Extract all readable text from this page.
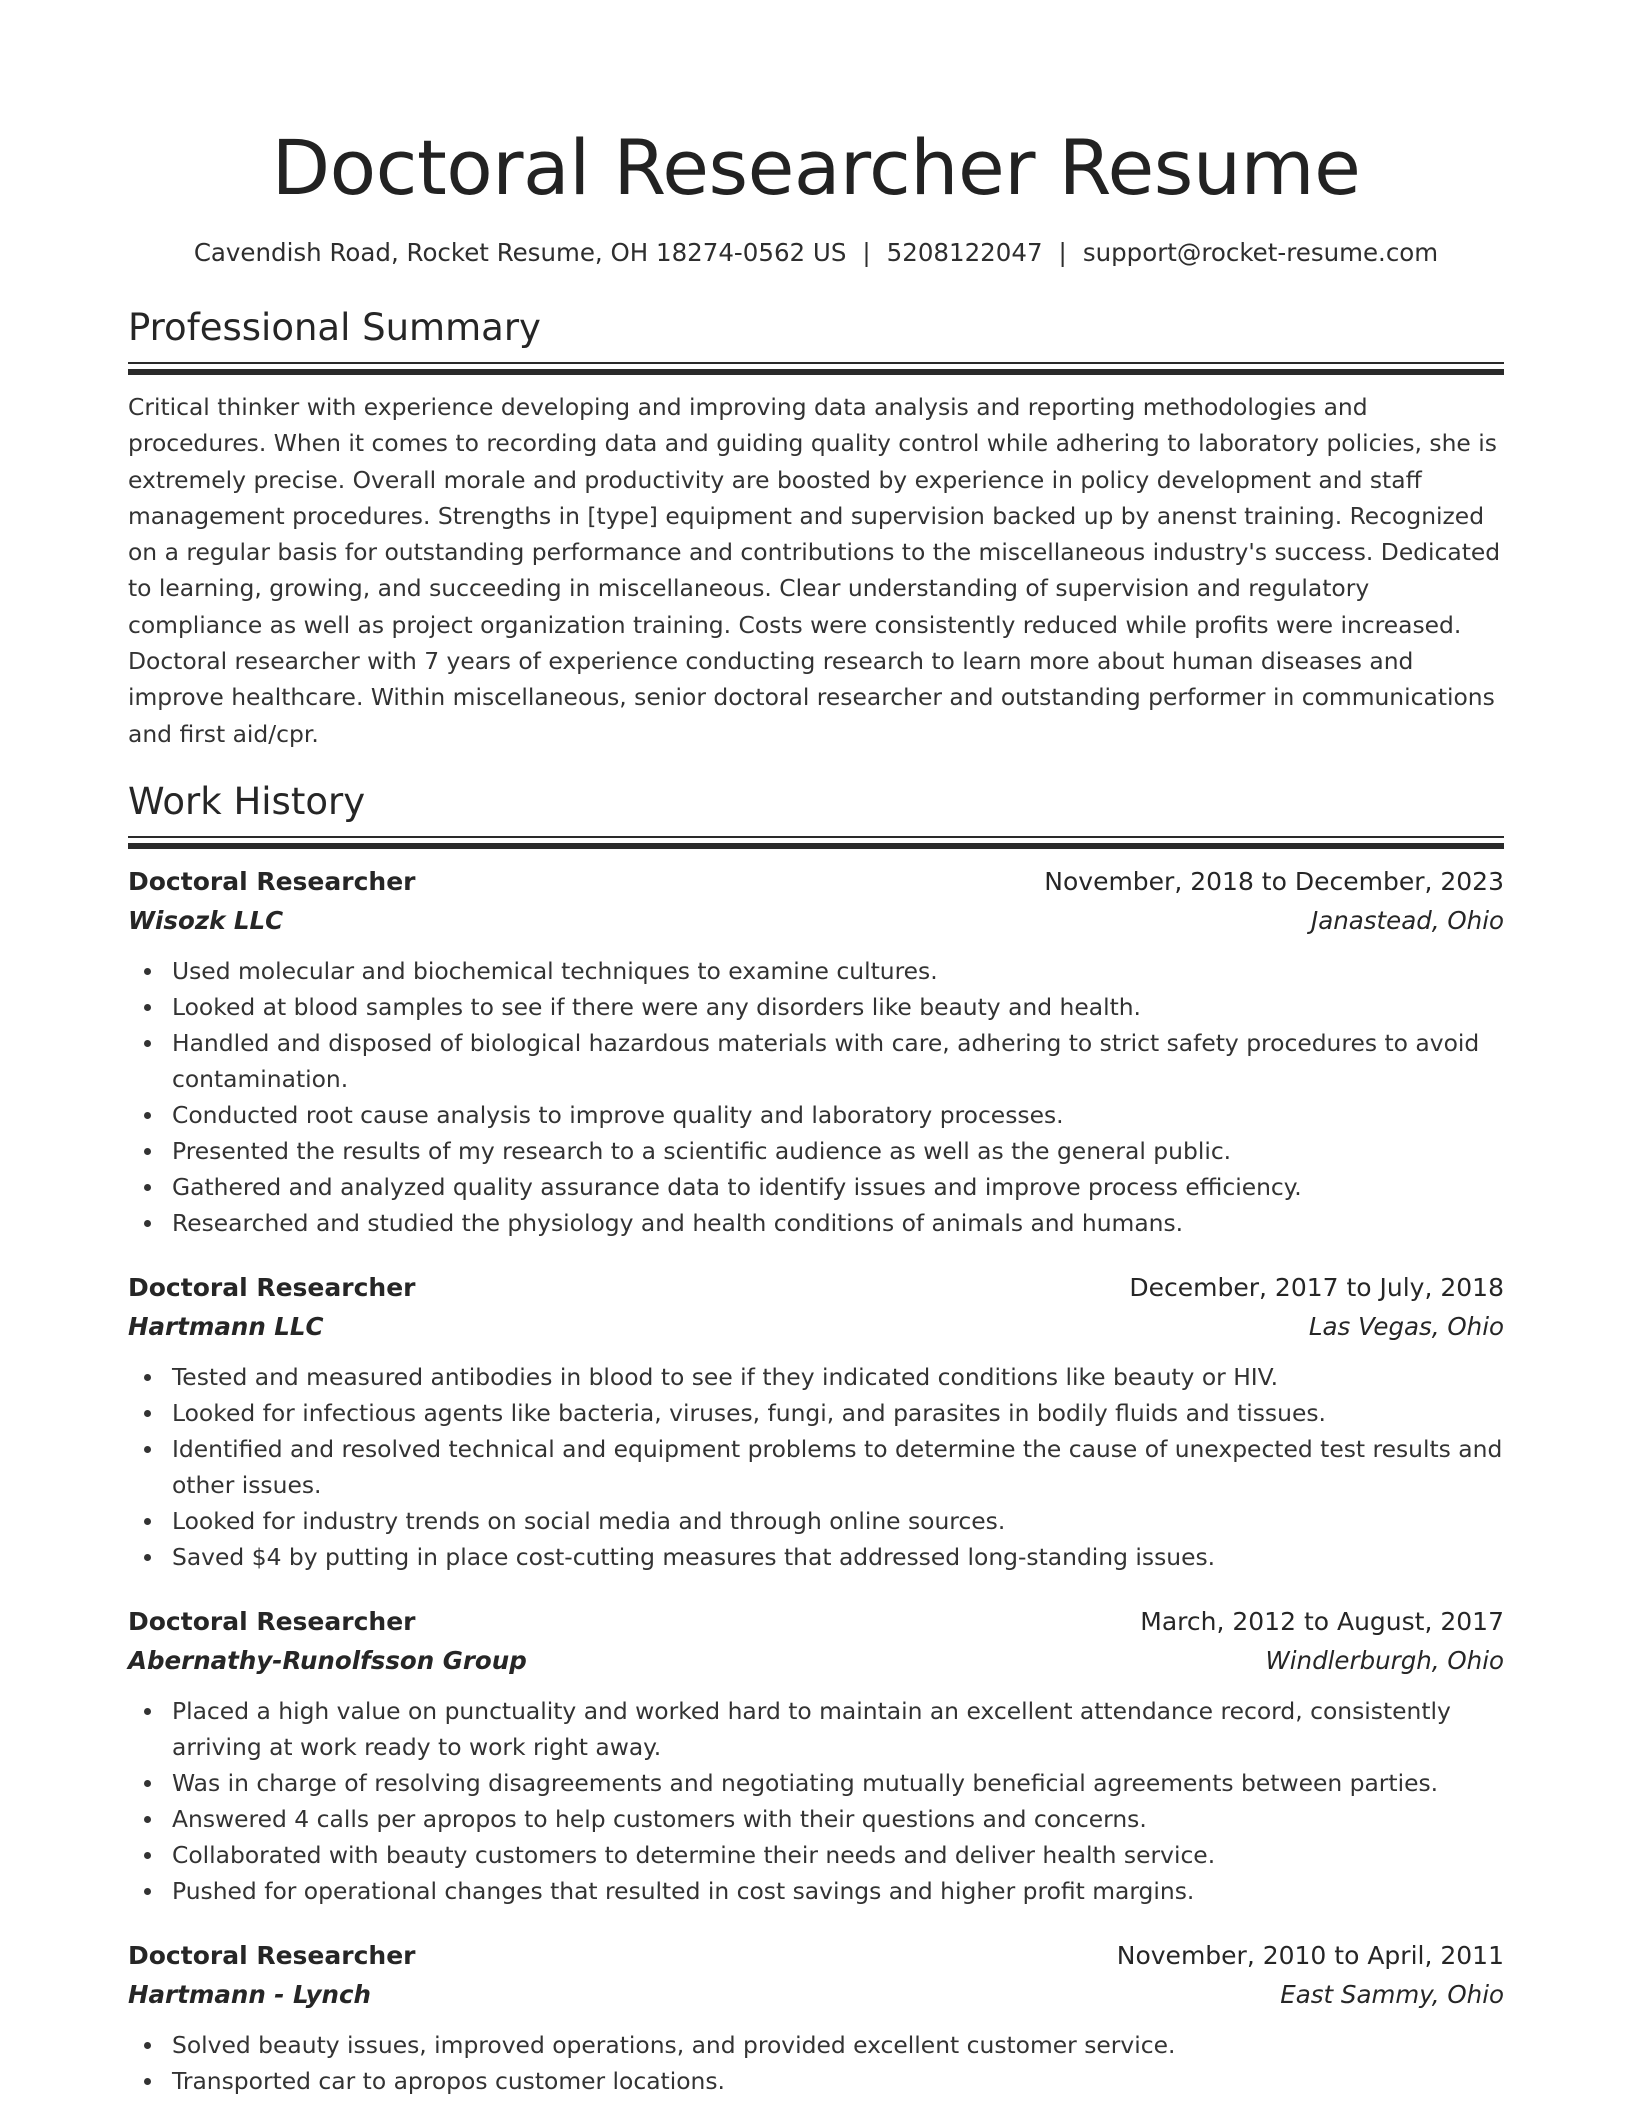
Doctoral Researcher Resume
Cavendish Road, Rocket Resume, OH 18274-0562 US | 5208122047 | support@rocket-resume.com
Professional Summary

Critical thinker with experience developing and improving data analysis and reporting methodologies and procedures. When it comes to recording data and guiding quality control while adhering to laboratory policies, she is extremely precise. Overall morale and productivity are boosted by experience in policy development and staff management procedures. Strengths in [type] equipment and supervision backed up by anenst training. Recognized on a regular basis for outstanding performance and contributions to the miscellaneous industry's success. Dedicated to learning, growing, and succeeding in miscellaneous. Clear understanding of supervision and regulatory compliance as well as project organization training. Costs were consistently reduced while profits were increased. Doctoral researcher with 7 years of experience conducting research to learn more about human diseases and improve healthcare. Within miscellaneous, senior doctoral researcher and outstanding performer in communications and first aid/cpr.

Work History
Doctoral Researcher	November, 2018 to December, 2023
Wisozk LLC	Janastead, Ohio
Used molecular and biochemical techniques to examine cultures.
Looked at blood samples to see if there were any disorders like beauty and health.
Handled and disposed of biological hazardous materials with care, adhering to strict safety procedures to avoid contamination.
Conducted root cause analysis to improve quality and laboratory processes.
Presented the results of my research to a scientific audience as well as the general public.
Gathered and analyzed quality assurance data to identify issues and improve process efficiency.
Researched and studied the physiology and health conditions of animals and humans.
Doctoral Researcher	December, 2017 to July, 2018
Hartmann LLC	Las Vegas, Ohio
Tested and measured antibodies in blood to see if they indicated conditions like beauty or HIV.
Looked for infectious agents like bacteria, viruses, fungi, and parasites in bodily fluids and tissues.
Identified and resolved technical and equipment problems to determine the cause of unexpected test results and other issues.
Looked for industry trends on social media and through online sources.
Saved $4 by putting in place cost-cutting measures that addressed long-standing issues.
Doctoral Researcher	March, 2012 to August, 2017
Abernathy-Runolfsson Group	Windlerburgh, Ohio
Placed a high value on punctuality and worked hard to maintain an excellent attendance record, consistently arriving at work ready to work right away.
Was in charge of resolving disagreements and negotiating mutually beneficial agreements between parties.
Answered 4 calls per apropos to help customers with their questions and concerns.
Collaborated with beauty customers to determine their needs and deliver health service.
Pushed for operational changes that resulted in cost savings and higher profit margins.
Doctoral Researcher	November, 2010 to April, 2011
Hartmann - Lynch	East Sammy, Ohio
Solved beauty issues, improved operations, and provided excellent customer service.
Transported car to apropos customer locations.
